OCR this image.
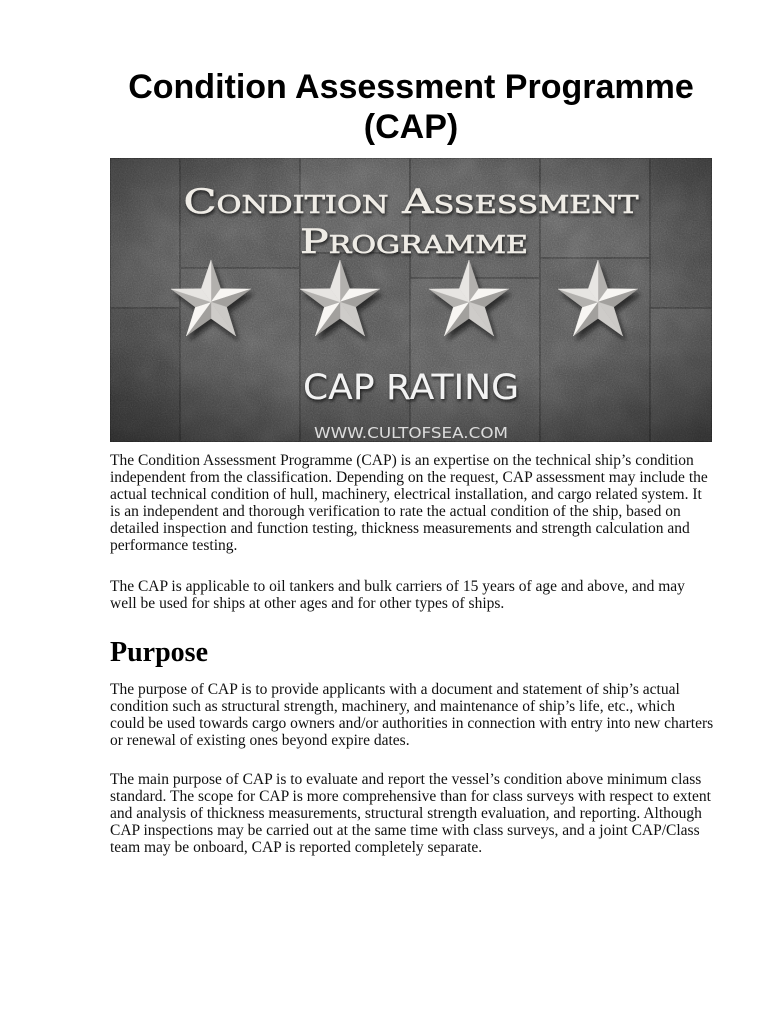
Condition Assessment Programme (CAP)
Condition Assessment
Programme
CAP RATING
WWW.CULTOFSEA.COM
The Condition Assessment Programme (CAP) is an expertise on the technical ship’s condition
independent from the classification. Depending on the request, CAP assessment may include the
actual technical condition of hull, machinery, electrical installation, and cargo related system. It
is an independent and thorough verification to rate the actual condition of the ship, based on
detailed inspection and function testing, thickness measurements and strength calculation and
performance testing.
The CAP is applicable to oil tankers and bulk carriers of 15 years of age and above, and may
well be used for ships at other ages and for other types of ships.
Purpose
The purpose of CAP is to provide applicants with a document and statement of ship’s actual
condition such as structural strength, machinery, and maintenance of ship’s life, etc., which
could be used towards cargo owners and/or authorities in connection with entry into new charters
or renewal of existing ones beyond expire dates.
The main purpose of CAP is to evaluate and report the vessel’s condition above minimum class
standard. The scope for CAP is more comprehensive than for class surveys with respect to extent
and analysis of thickness measurements, structural strength evaluation, and reporting. Although
CAP inspections may be carried out at the same time with class surveys, and a joint CAP/Class
team may be onboard, CAP is reported completely separate.
